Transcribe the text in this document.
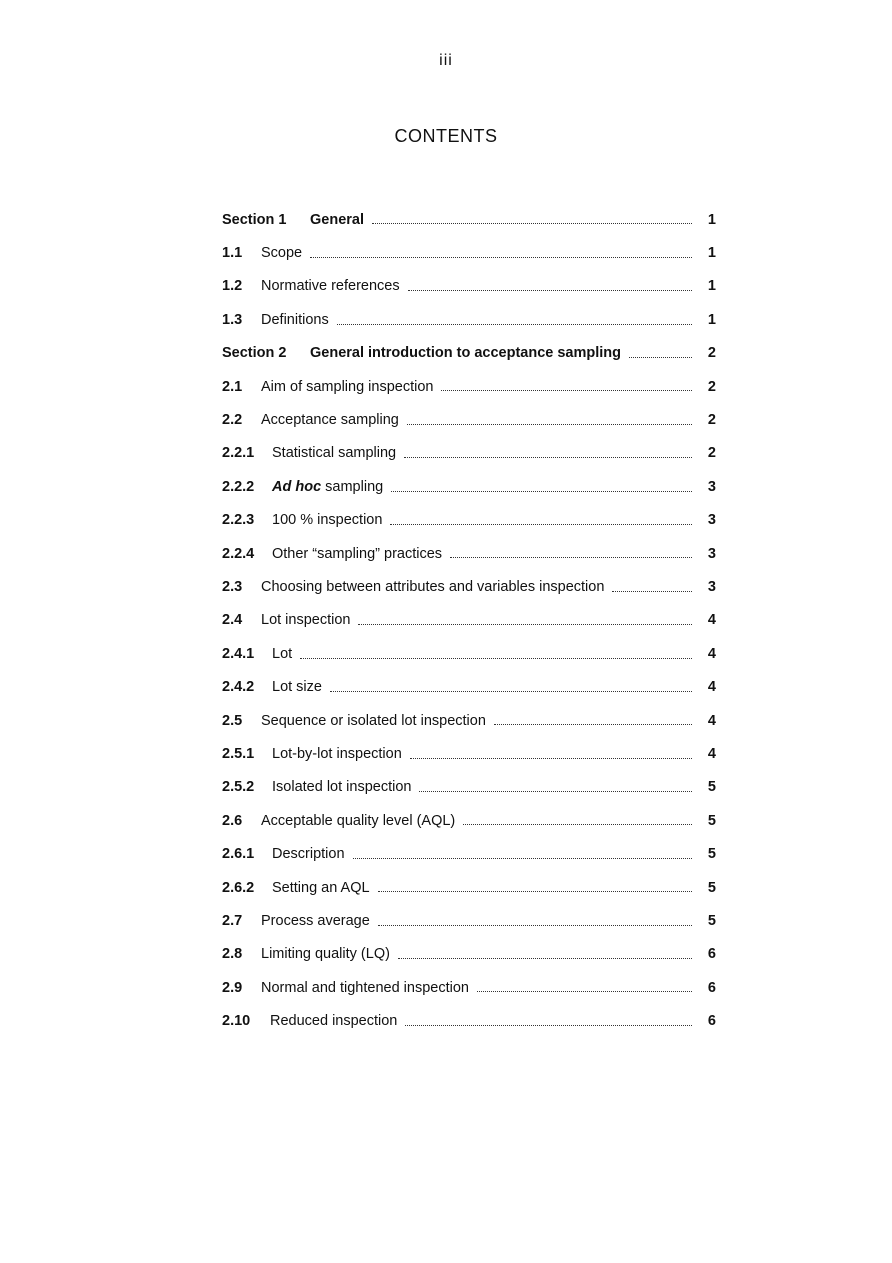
iii
CONTENTS
Section 1	General	1
1.1	Scope	1
1.2	Normative references	1
1.3	Definitions	1
Section 2	General introduction to acceptance sampling	2
2.1	Aim of sampling inspection	2
2.2	Acceptance sampling	2
2.2.1	Statistical sampling	2
2.2.2	Ad hoc sampling	3
2.2.3	100 % inspection	3
2.2.4	Other “sampling” practices	3
2.3	Choosing between attributes and variables inspection	3
2.4	Lot inspection	4
2.4.1	Lot	4
2.4.2	Lot size	4
2.5	Sequence or isolated lot inspection	4
2.5.1	Lot-by-lot inspection	4
2.5.2	Isolated lot inspection	5
2.6	Acceptable quality level (AQL)	5
2.6.1	Description	5
2.6.2	Setting an AQL	5
2.7	Process average	5
2.8	Limiting quality (LQ)	6
2.9	Normal and tightened inspection	6
2.10	Reduced inspection	6
